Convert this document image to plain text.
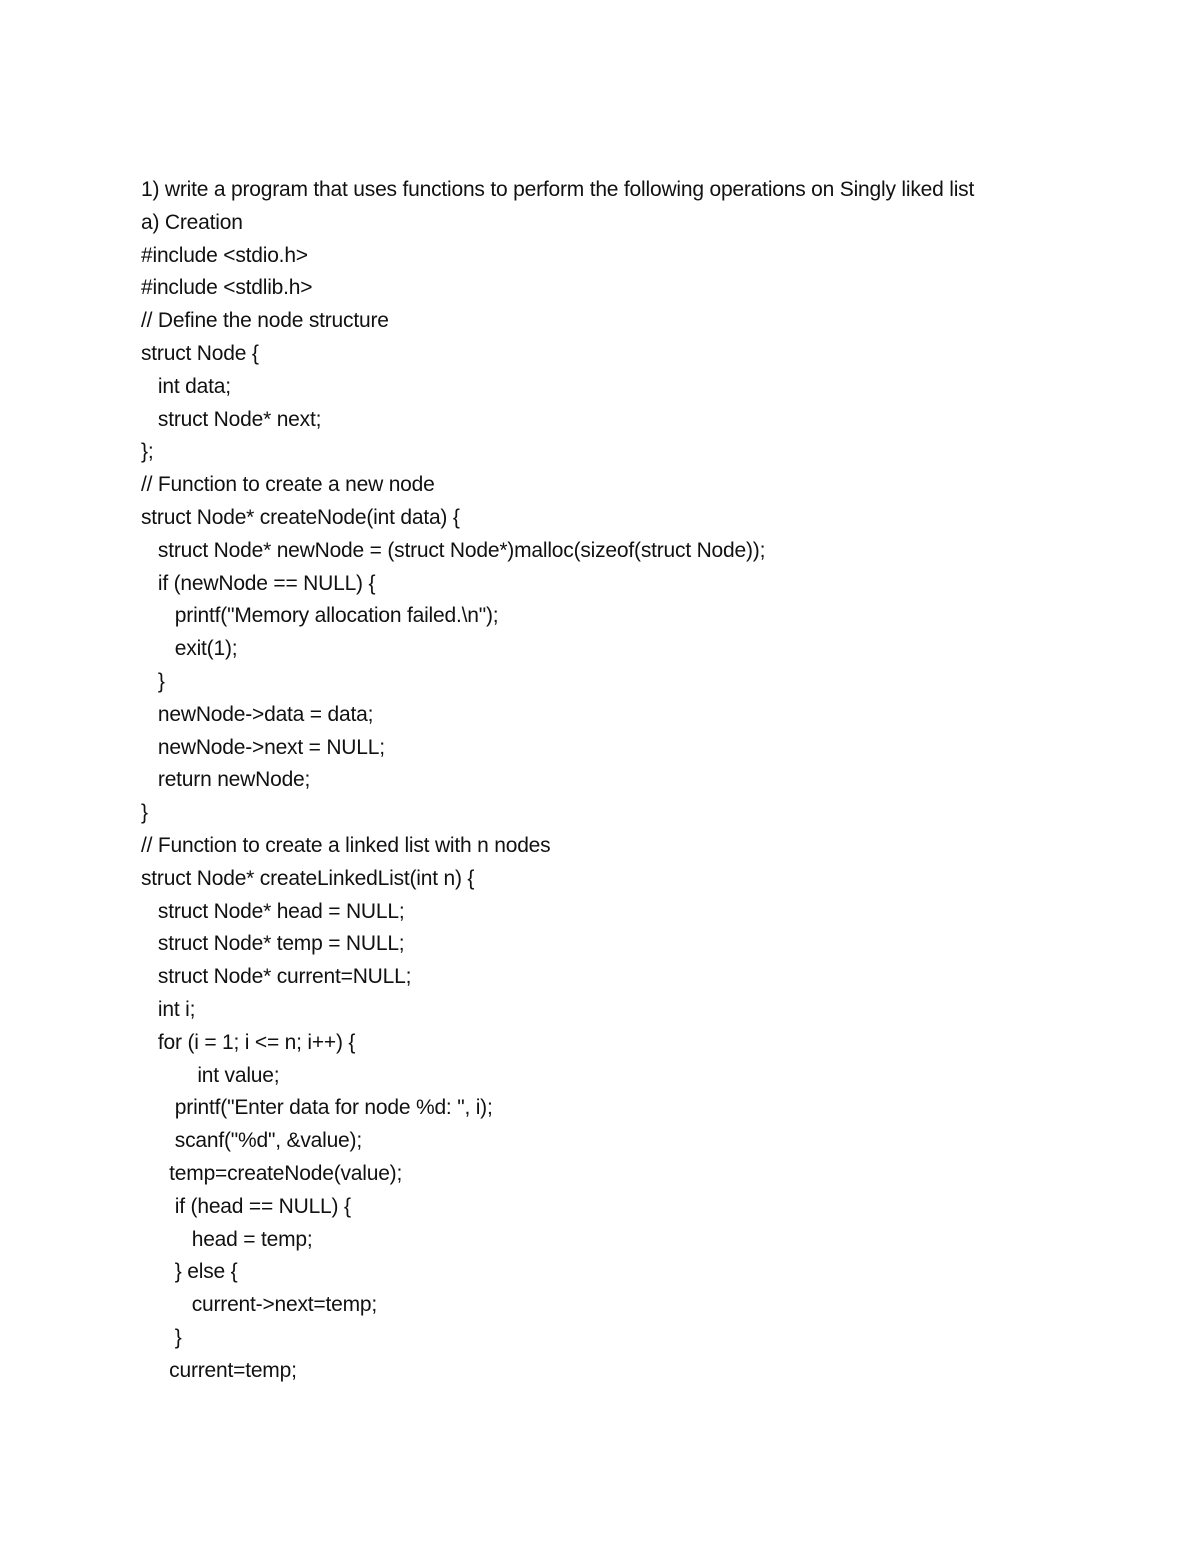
1) write a program that uses functions to perform the following operations on Singly liked list
a) Creation
#include <stdio.h>
#include <stdlib.h>
// Define the node structure
struct Node {
int data;
struct Node* next;
};
// Function to create a new node
struct Node* createNode(int data) {
struct Node* newNode = (struct Node*)malloc(sizeof(struct Node));
if (newNode == NULL) {
printf("Memory allocation failed.\n");
exit(1);
}
newNode->data = data;
newNode->next = NULL;
return newNode;
}
// Function to create a linked list with n nodes
struct Node* createLinkedList(int n) {
struct Node* head = NULL;
struct Node* temp = NULL;
struct Node* current=NULL;
int i;
for (i = 1; i <= n; i++) {
int value;
printf("Enter data for node %d: ", i);
scanf("%d", &value);
temp=createNode(value);
if (head == NULL) {
head = temp;
} else {
current->next=temp;
}
current=temp;
